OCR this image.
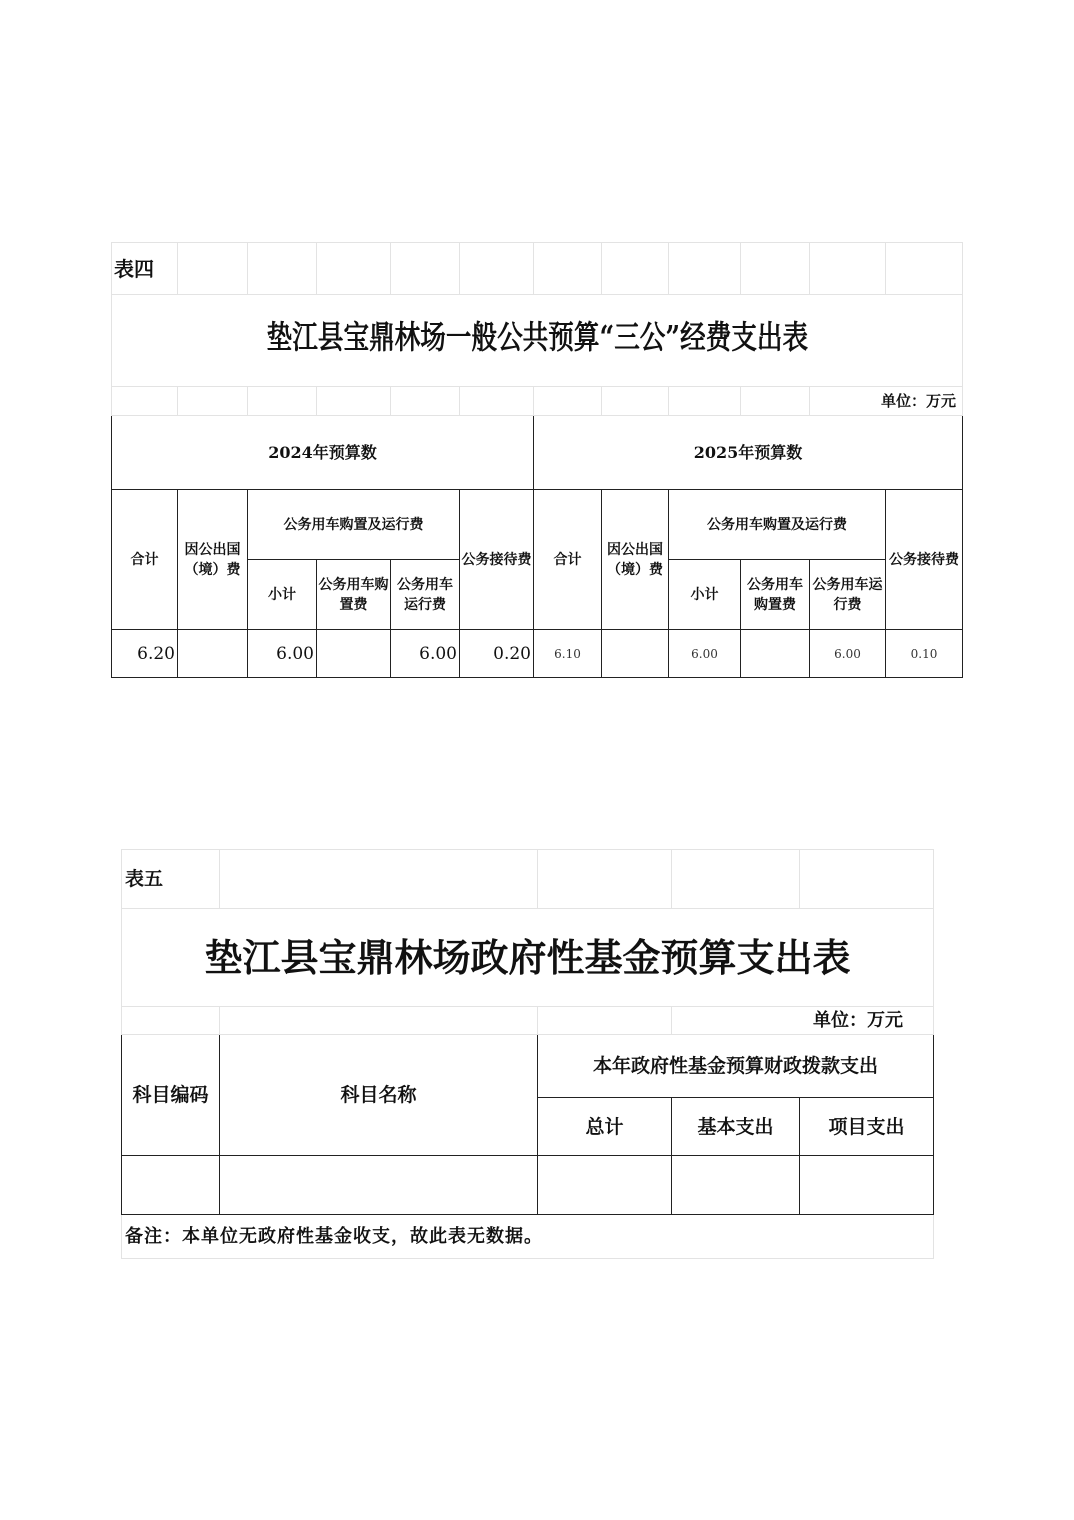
表四											
垫江县宝鼎林场一般公共预算“三公”经费支出表											
										单位：万元	
2024年预算数						2025年预算数					
合计	因公出国（境）费	公务用车购置及运行费			公务接待费	合计	因公出国（境）费	公务用车购置及运行费			公务接待费
		小计	公务用车购置费	公务用车运行费				小计	公务用车购置费	公务用车运行费	
6.20		6.00		6.00	0.20	6.10		6.00		6.00	0.10
表五				
垫江县宝鼎林场政府性基金预算支出表				
			单位：万元	
科目编码	科目名称	本年政府性基金预算财政拨款支出		
		总计	基本支出	项目支出

备注：本单位无政府性基金收支，故此表无数据。				
